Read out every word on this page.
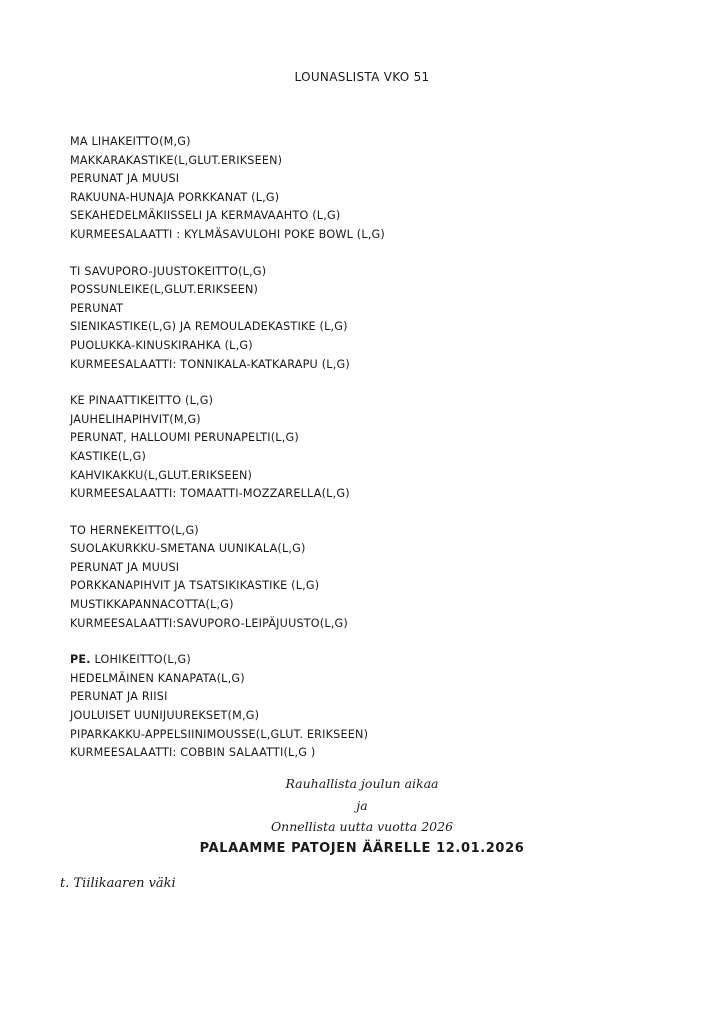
LOUNASLISTA VKO 51
MA LIHAKEITTO(M,G)
MAKKARAKASTIKE(L,GLUT.ERIKSEEN)
PERUNAT JA MUUSI
RAKUUNA-HUNAJA PORKKANAT (L,G)
SEKAHEDELMÄKIISSELI JA KERMAVAAHTO (L,G)
KURMEESALAATTI : KYLMÄSAVULOHI POKE BOWL (L,G)
TI SAVUPORO-JUUSTOKEITTO(L,G)
POSSUNLEIKE(L,GLUT.ERIKSEEN)
PERUNAT
SIENIKASTIKE(L,G) JA REMOULADEKASTIKE (L,G)
PUOLUKKA-KINUSKIRAHKA (L,G)
KURMEESALAATTI: TONNIKALA-KATKARAPU (L,G)
KE PINAATTIKEITTO (L,G)
JAUHELIHAPIHVIT(M,G)
PERUNAT, HALLOUMI PERUNAPELTI(L,G)
KASTIKE(L,G)
KAHVIKAKKU(L,GLUT.ERIKSEEN)
KURMEESALAATTI: TOMAATTI-MOZZARELLA(L,G)
TO HERNEKEITTO(L,G)
SUOLAKURKKU-SMETANA UUNIKALA(L,G)
PERUNAT JA MUUSI
PORKKANAPIHVIT JA TSATSIKIKASTIKE (L,G)
MUSTIKKAPANNACOTTA(L,G)
KURMEESALAATTI:SAVUPORO-LEIPÄJUUSTO(L,G)
PE. LOHIKEITTO(L,G)
HEDELMÄINEN KANAPATA(L,G)
PERUNAT JA RIISI
JOULUISET UUNIJUUREKSET(M,G)
PIPARKAKKU-APPELSIINIMOUSSE(L,GLUT. ERIKSEEN)
KURMEESALAATTI: COBBIN SALAATTI(L,G )
Rauhallista joulun aikaa
ja
Onnellista uutta vuotta 2026
PALAAMME PATOJEN ÄÄRELLE 12.01.2026
t. Tiilikaaren väki
